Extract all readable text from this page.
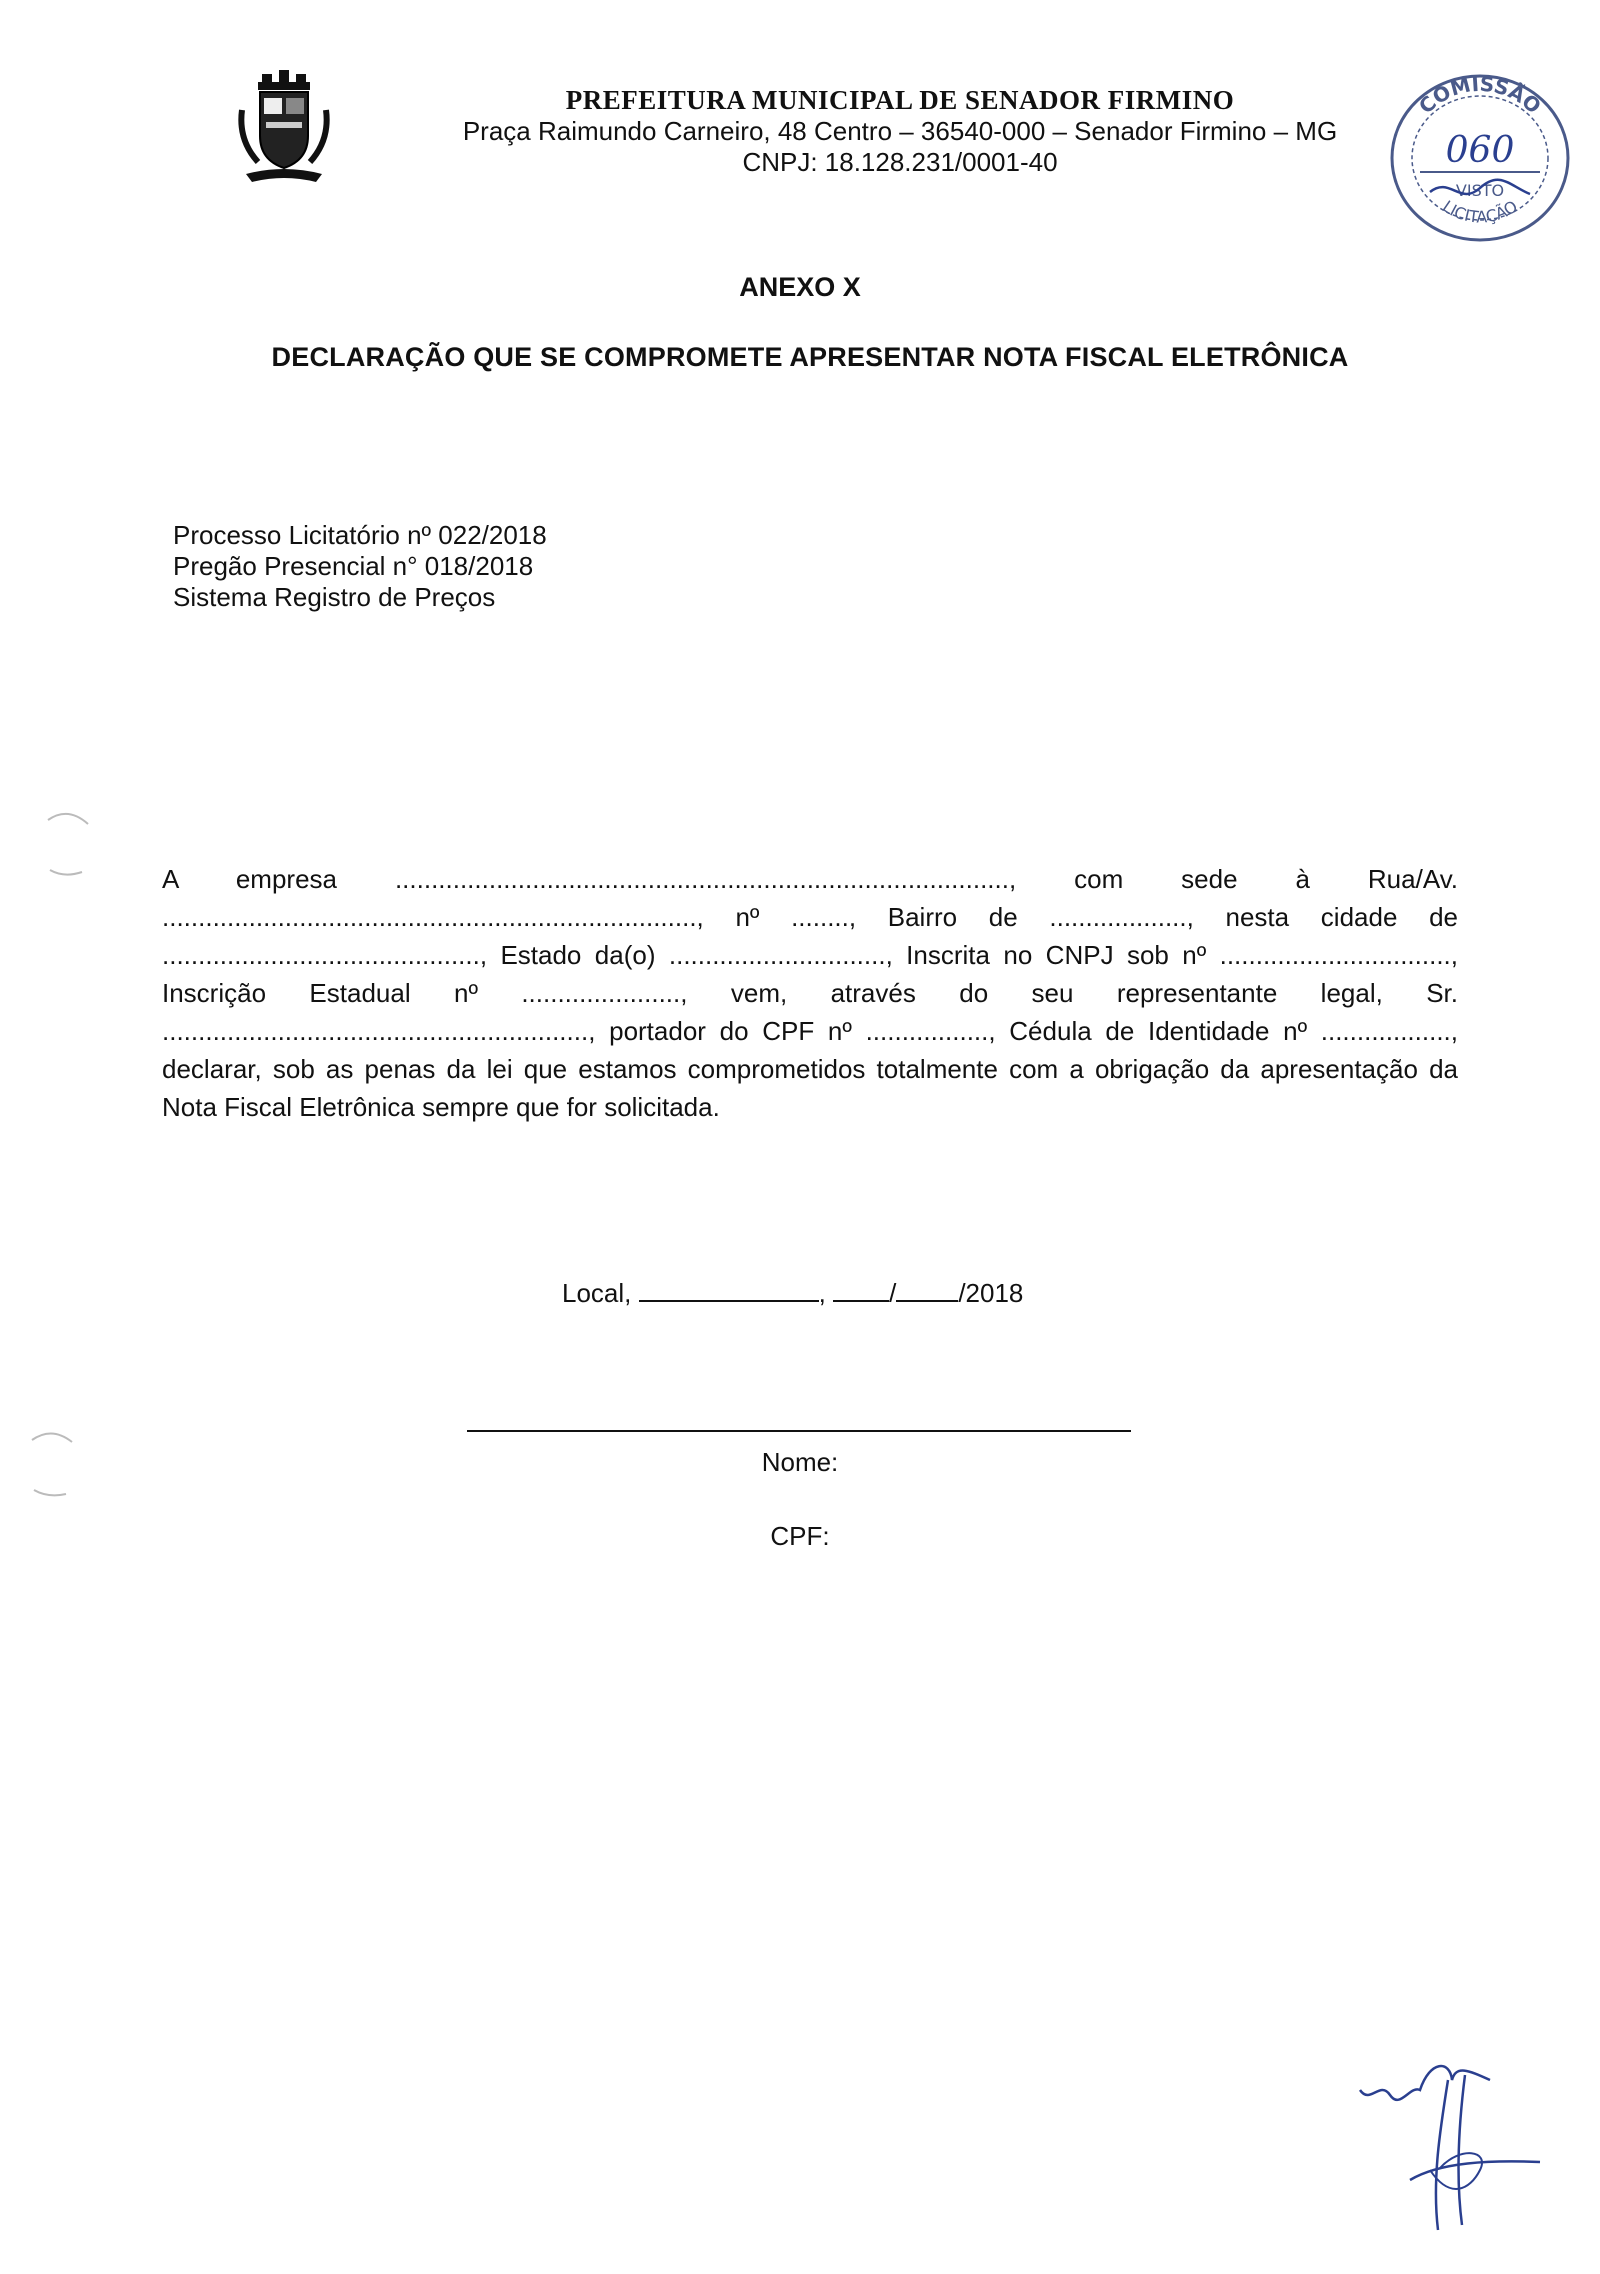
PREFEITURA MUNICIPAL DE SENADOR FIRMINO
Praça Raimundo Carneiro, 48 Centro – 36540-000 – Senador Firmino – MG
CNPJ: 18.128.231/0001-40
COMISSÃO
060
VISTO
LICITAÇÃO
ANEXO X
DECLARAÇÃO QUE SE COMPROMETE APRESENTAR NOTA FISCAL ELETRÔNICA
Processo Licitatório nº 022/2018
Pregão Presencial n° 018/2018
Sistema Registro de Preços
A empresa ....................................................................................., com sede à Rua/Av. .........................................................................., nº ........, Bairro de ..................., nesta cidade de ............................................, Estado da(o) .............................., Inscrita no CNPJ sob nº ................................, Inscrição Estadual nº ......................, vem, através do seu representante legal, Sr. ..........................................................., portador do CPF nº ................., Cédula de Identidade nº .................., declarar, sob as penas da lei que estamos comprometidos totalmente com a obrigação da apresentação da Nota Fiscal Eletrônica sempre que for solicitada.
Local,	, / /2018
Nome:
CPF:
